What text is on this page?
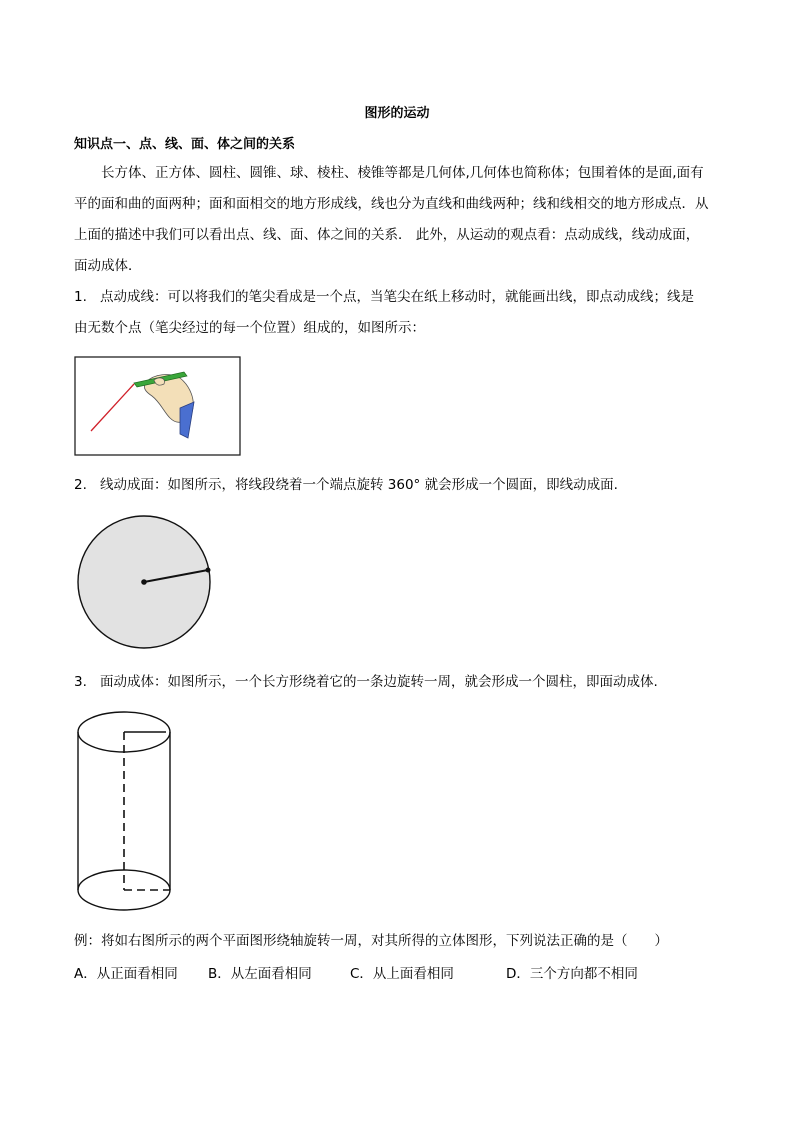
图形的运动
知识点一、点、线、面、体之间的关系

长方体、正方体、圆柱、圆锥、球、棱柱、棱锥等都是几何体,几何体也简称体；包围着体的是面,面有

平的面和曲的面两种；面和面相交的地方形成线，线也分为直线和曲线两种；线和线相交的地方形成点．从

上面的描述中我们可以看出点、线、面、体之间的关系． 此外，从运动的观点看：点动成线，线动成面，

面动成体．

1. 点动成线：可以将我们的笔尖看成是一个点，当笔尖在纸上移动时，就能画出线，即点动成线；线是
由无数个点（笔尖经过的每一个位置）组成的，如图所示：
2. 线动成面：如图所示，将线段绕着一个端点旋转 360° 就会形成一个圆面，即线动成面.
3. 面动成体：如图所示，一个长方形绕着它的一条边旋转一周，就会形成一个圆柱，即面动成体.
例：将如右图所示的两个平面图形绕轴旋转一周，对其所得的立体图形，下列说法正确的是（　　）
A．从正面看相同 B．从左面看相同	C．从上面看相同	D．三个方向都不相同
